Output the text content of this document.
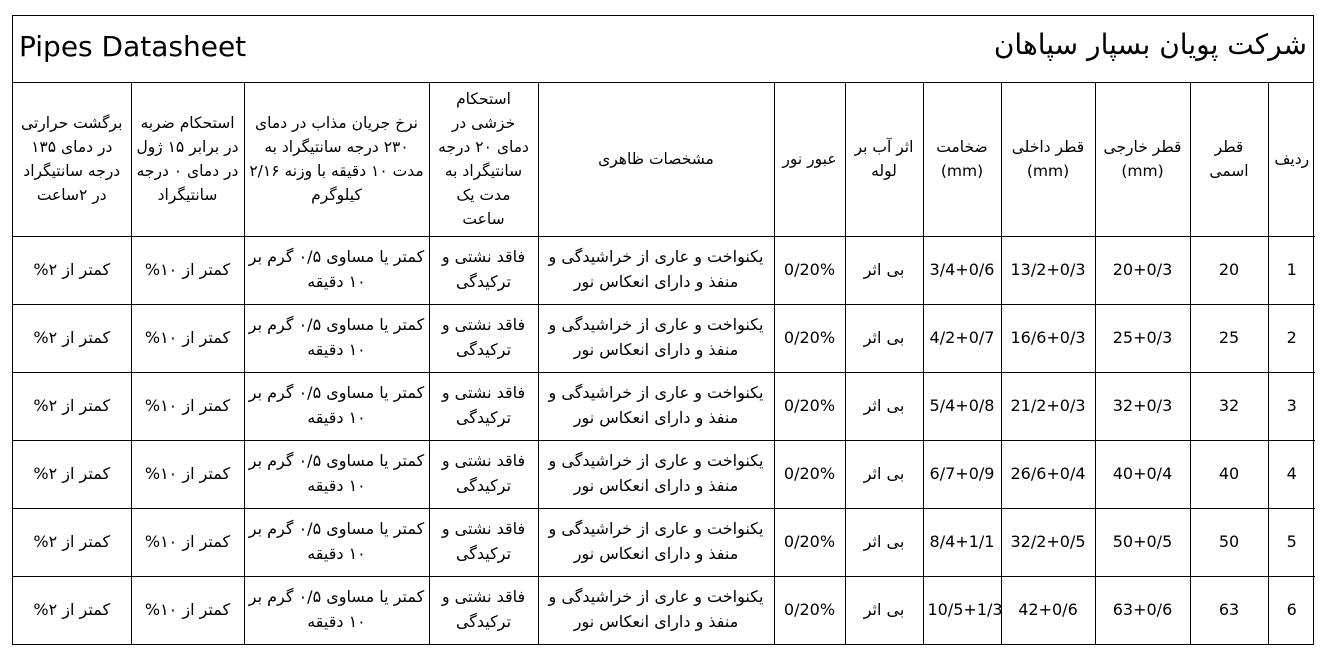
Pipes Datasheet	شرکت پویان بسپار سپاهان
ردیف	قطر اسمی	قطر خارجی (mm)	قطر داخلی (mm)	ضخامت (mm)	اثر آب بر لوله	عبور نور	مشخصات ظاهری	استحکام خزشی در دمای ۲۰ درجه سانتیگراد به مدت یک ساعت	نرخ جریان مذاب در دمای ۲۳۰ درجه سانتیگراد به مدت ۱۰ دقیقه با وزنه ۲/۱۶ کیلوگرم	استحکام ضربه در برابر ۱۵ ژول در دمای ۰ درجه سانتیگراد	برگشت حرارتی در دمای ۱۳۵ درجه سانتیگراد در ۲ساعت
1	20	20+0/3	13/2+0/3	3/4+0/6	بی اثر	0/20%	یکنواخت و عاری از خراشیدگی و منفذ و دارای انعکاس نور	فاقد نشتی و ترکیدگی	کمتر یا مساوی ۰/۵ گرم بر ۱۰ دقیقه	کمتر از ۱۰%	کمتر از ۲%
2	25	25+0/3	16/6+0/3	4/2+0/7	بی اثر	0/20%	یکنواخت و عاری از خراشیدگی و منفذ و دارای انعکاس نور	فاقد نشتی و ترکیدگی	کمتر یا مساوی ۰/۵ گرم بر ۱۰ دقیقه	کمتر از ۱۰%	کمتر از ۲%
3	32	32+0/3	21/2+0/3	5/4+0/8	بی اثر	0/20%	یکنواخت و عاری از خراشیدگی و منفذ و دارای انعکاس نور	فاقد نشتی و ترکیدگی	کمتر یا مساوی ۰/۵ گرم بر ۱۰ دقیقه	کمتر از ۱۰%	کمتر از ۲%
4	40	40+0/4	26/6+0/4	6/7+0/9	بی اثر	0/20%	یکنواخت و عاری از خراشیدگی و منفذ و دارای انعکاس نور	فاقد نشتی و ترکیدگی	کمتر یا مساوی ۰/۵ گرم بر ۱۰ دقیقه	کمتر از ۱۰%	کمتر از ۲%
5	50	50+0/5	32/2+0/5	8/4+1/1	بی اثر	0/20%	یکنواخت و عاری از خراشیدگی و منفذ و دارای انعکاس نور	فاقد نشتی و ترکیدگی	کمتر یا مساوی ۰/۵ گرم بر ۱۰ دقیقه	کمتر از ۱۰%	کمتر از ۲%
6	63	63+0/6	42+0/6	10/5+1/3	بی اثر	0/20%	یکنواخت و عاری از خراشیدگی و منفذ و دارای انعکاس نور	فاقد نشتی و ترکیدگی	کمتر یا مساوی ۰/۵ گرم بر ۱۰ دقیقه	کمتر از ۱۰%	کمتر از ۲%
